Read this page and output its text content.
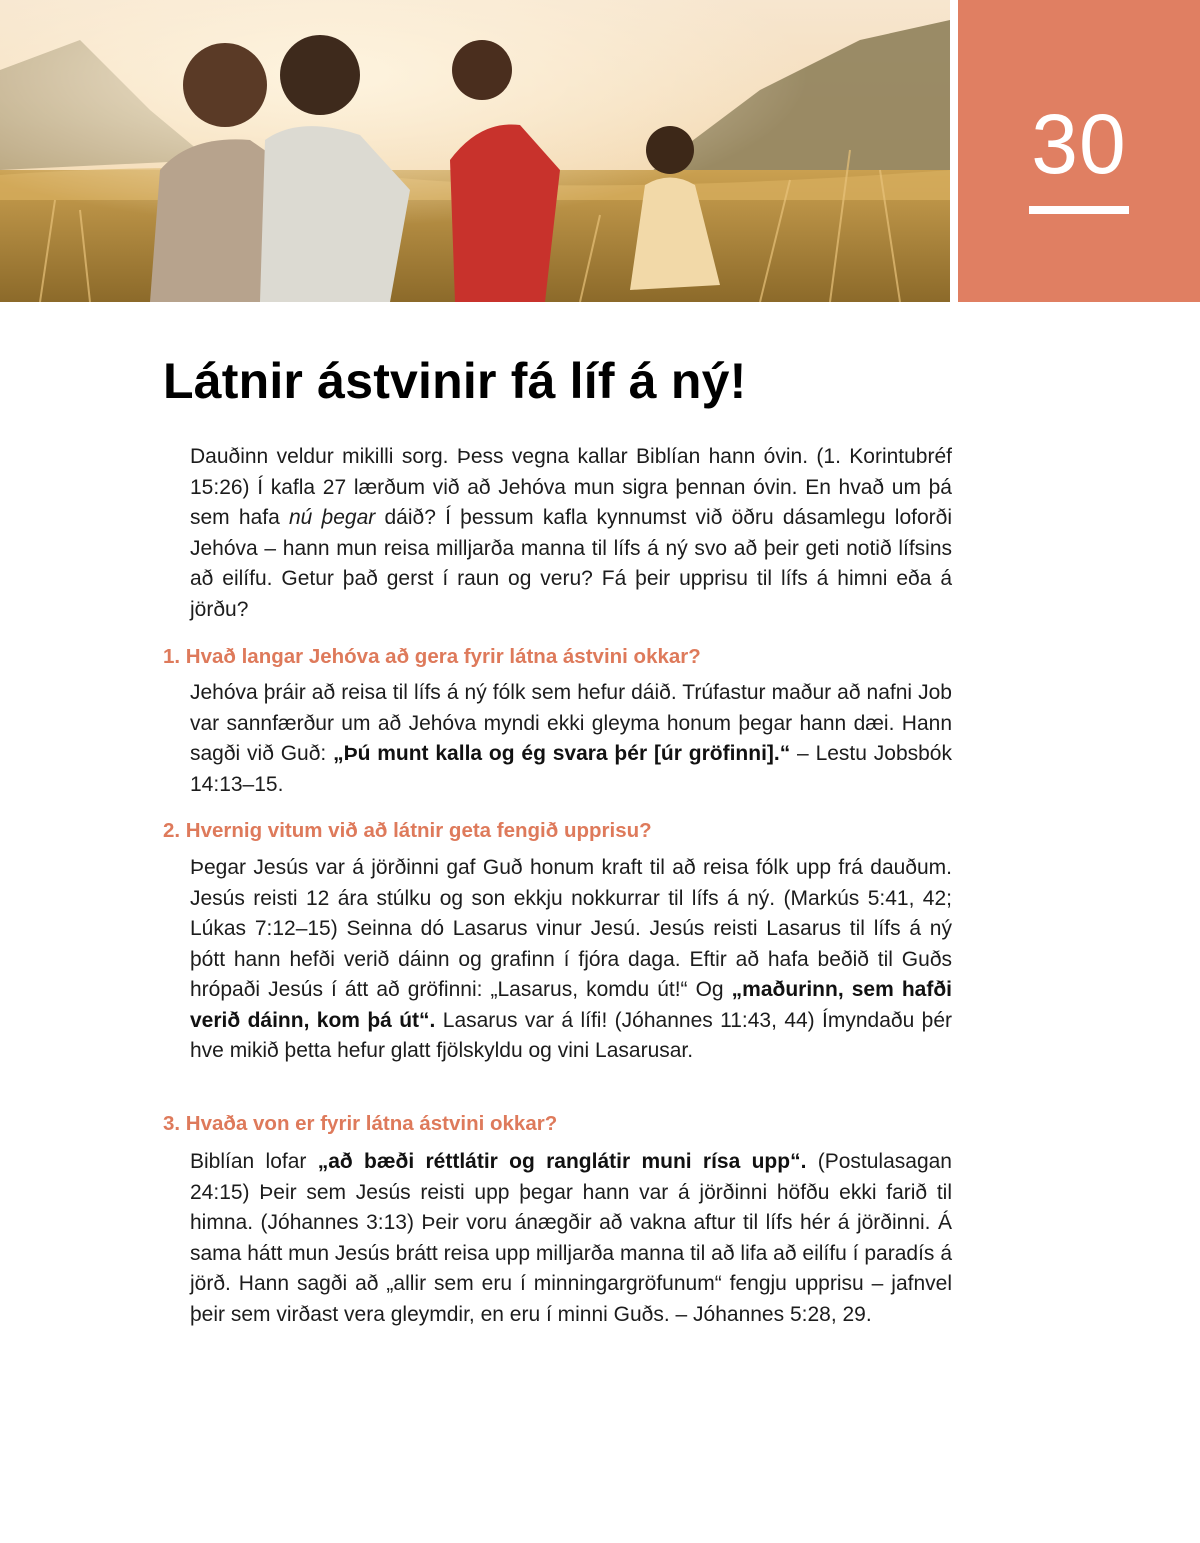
30
Látnir ástvinir fá líf á ný!

Dauðinn veldur mikilli sorg. Þess vegna kallar Biblían hann óvin. (1. Korintubréf 15:26) Í kafla 27 lærðum við að Jehóva mun sigra þennan óvin. En hvað um þá sem hafa nú þegar dáið? Í þessum kafla kynnumst við öðru dásamlegu loforði Jehóva – hann mun reisa milljarða manna til lífs á ný svo að þeir geti notið lífsins að eilífu. Getur það gerst í raun og veru? Fá þeir upprisu til lífs á himni eða á jörðu?

1. Hvað langar Jehóva að gera fyrir látna ástvini okkar?

Jehóva þráir að reisa til lífs á ný fólk sem hefur dáið. Trúfastur maður að nafni Job var sannfærður um að Jehóva myndi ekki gleyma honum þegar hann dæi. Hann sagði við Guð: „Þú munt kalla og ég svara þér [úr gröfinni].“ – Lestu Jobsbók 14:13–15.

2. Hvernig vitum við að látnir geta fengið upprisu?

Þegar Jesús var á jörðinni gaf Guð honum kraft til að reisa fólk upp frá dauðum. Jesús reisti 12 ára stúlku og son ekkju nokkurrar til lífs á ný. (Markús 5:41, 42; Lúkas 7:12–15) Seinna dó Lasarus vinur Jesú. Jesús reisti Lasarus til lífs á ný þótt hann hefði verið dáinn og grafinn í fjóra daga. Eftir að hafa beðið til Guðs hrópaði Jesús í átt að gröfinni: „Lasarus, komdu út!“ Og „maðurinn, sem hafði verið dáinn, kom þá út“. Lasarus var á lífi! (Jóhannes 11:43, 44) Ímyndaðu þér hve mikið þetta hefur glatt fjölskyldu og vini Lasarusar.

3. Hvaða von er fyrir látna ástvini okkar?

Biblían lofar „að bæði réttlátir og ranglátir muni rísa upp“. (Postulasagan 24:15) Þeir sem Jesús reisti upp þegar hann var á jörðinni höfðu ekki farið til himna. (Jóhannes 3:13) Þeir voru ánægðir að vakna aftur til lífs hér á jörðinni. Á sama hátt mun Jesús brátt reisa upp milljarða manna til að lifa að eilífu í paradís á jörð. Hann sagði að „allir sem eru í minningargröfunum“ fengju upprisu – jafnvel þeir sem virðast vera gleymdir, en eru í minni Guðs. – Jóhannes 5:28, 29.
